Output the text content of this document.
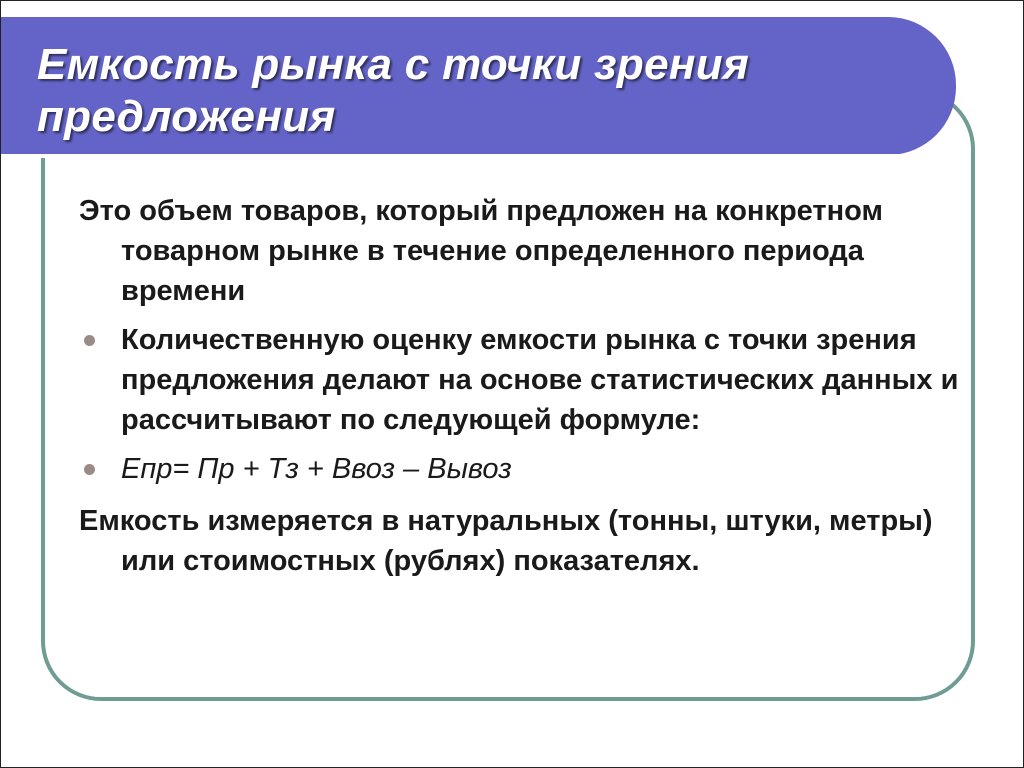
Емкость рынка с точки зрения предложения

Это объем товаров, который предложен на конкретном товарном рынке в течение определенного периода времени

Количественную оценку емкости рынка с точки зрения предложения делают на основе статистических данных и рассчитывают по следующей формуле:
Епр= Пр + Тз + Ввоз – Вывоз

Емкость измеряется в натуральных (тонны, штуки, метры) или стоимостных (рублях) показателях.
